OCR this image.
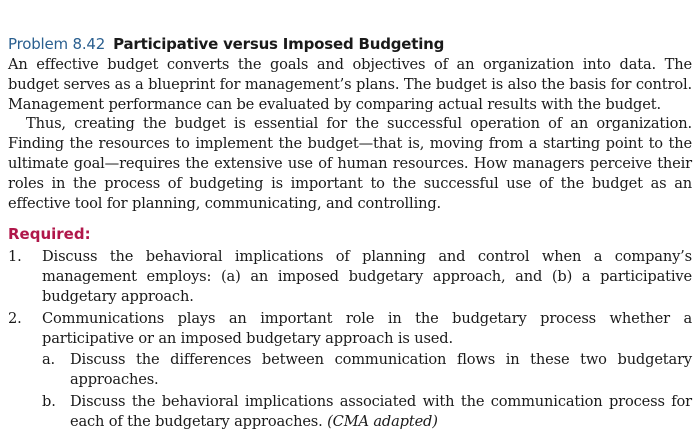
Problem 8.42 Participative versus Imposed Budgeting

An effective budget converts the goals and objectives of an organization into data. The budget serves as a blueprint for management’s plans. The budget is also the basis for control. Management performance can be evaluated by comparing actual results with the budget.

Thus, creating the budget is essential for the successful operation of an organization. Finding the resources to implement the budget—that is, moving from a starting point to the ultimate goal—requires the extensive use of human resources. How managers perceive their roles in the process of budgeting is important to the successful use of the budget as an effective tool for planning, communicating, and controlling.

Required:
1.	Discuss the behavioral implications of planning and control when a company’s management employs: (a) an imposed budgetary approach, and (b) a participative budgetary approach.
2.	Communications plays an important role in the budgetary process whether a participative or an imposed budgetary approach is used.
a.	Discuss the differences between communication flows in these two budgetary approaches.
b. Discuss the behavioral implications associated with the communication process for each of the budgetary approaches. (CMA adapted)
